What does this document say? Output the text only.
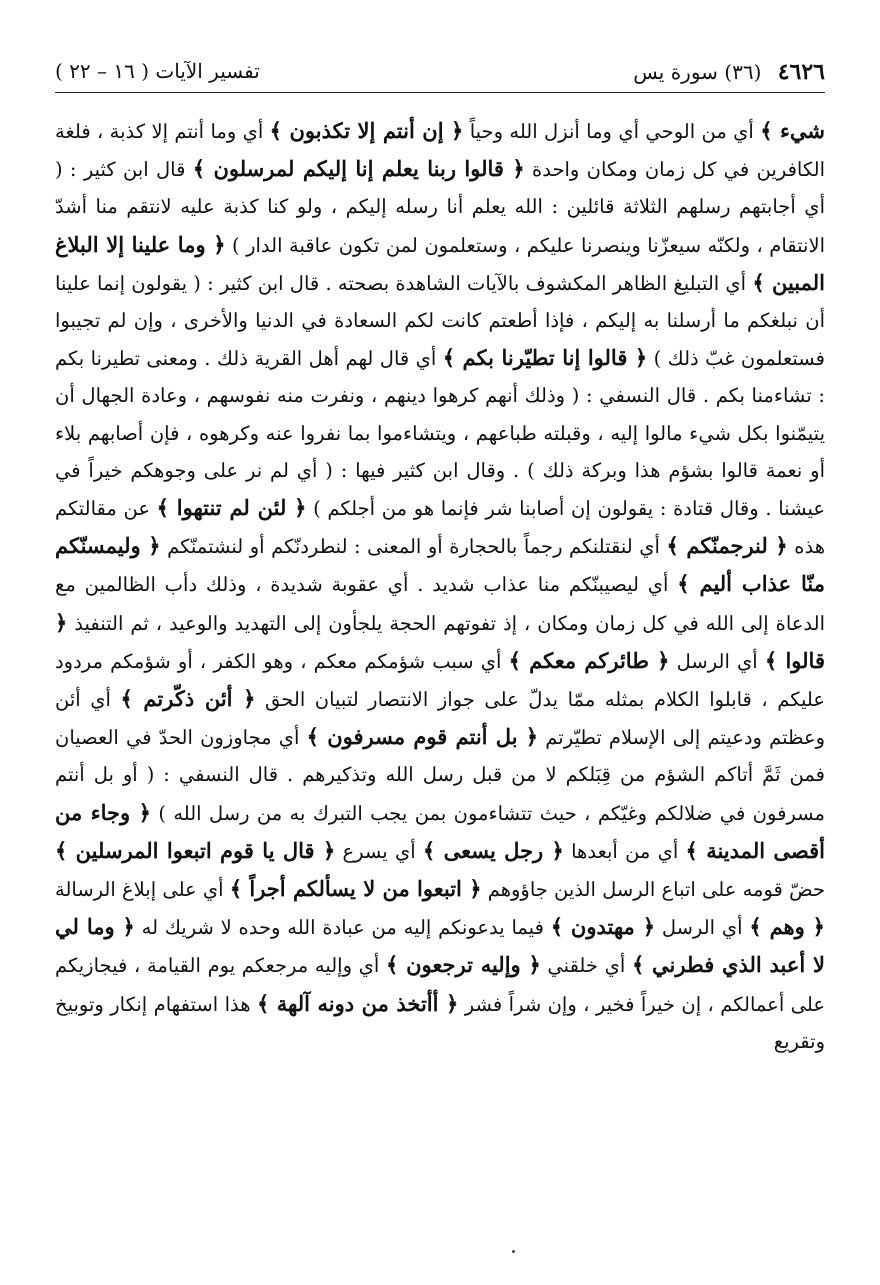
٤٦٢٦ (٣٦) سورة يس
تفسير الآيات ( ١٦ – ٢٢ )

شيء ﴾ أي من الوحي أي وما أنزل الله وحياً ﴿ إن أنتم إلا تكذبون ﴾ أي وما أنتم إلا كذبة ، فلغة الكافرين في كل زمان ومكان واحدة ﴿ قالوا ربنا يعلم إنا إليكم لمرسلون ﴾ قال ابن كثير : ( أي أجابتهم رسلهم الثلاثة قائلين : الله يعلم أنا رسله إليكم ، ولو كنا كذبة عليه لانتقم منا أشدّ الانتقام ، ولكنّه سيعزّنا وينصرنا عليكم ، وستعلمون لمن تكون عاقبة الدار ) ﴿ وما علينا إلا البلاغ المبين ﴾ أي التبليغ الظاهر المكشوف بالآيات الشاهدة بصحته . قال ابن كثير : ( يقولون إنما علينا أن نبلغكم ما أرسلنا به إليكم ، فإذا أطعتم كانت لكم السعادة في الدنيا والأخرى ، وإن لم تجيبوا فستعلمون غبّ ذلك ) ﴿ قالوا إنا تطيّرنا بكم ﴾ أي قال لهم أهل القرية ذلك . ومعنى تطيرنا بكم : تشاءمنا بكم . قال النسفي : ( وذلك أنهم كرهوا دينهم ، ونفرت منه نفوسهم ، وعادة الجهال أن يتيمّنوا بكل شيء مالوا إليه ، وقبلته طباعهم ، ويتشاءموا بما نفروا عنه وكرهوه ، فإن أصابهم بلاء أو نعمة قالوا بشؤم هذا وبركة ذلك ) . وقال ابن كثير فيها : ( أي لم نر على وجوهكم خيراً في عيشنا . وقال قتادة : يقولون إن أصابنا شر فإنما هو من أجلكم ) ﴿ لئن لم تنتهوا ﴾ عن مقالتكم هذه ﴿ لنرجمنّكم ﴾ أي لنقتلنكم رجماً بالحجارة أو المعنى : لنطردنّكم أو لنشتمنّكم ﴿ وليمسنّكم منّا عذاب أليم ﴾ أي ليصيبنّكم منا عذاب شديد . أي عقوبة شديدة ، وذلك دأب الظالمين مع الدعاة إلى الله في كل زمان ومكان ، إذ تفوتهم الحجة يلجأون إلى التهديد والوعيد ، ثم التنفيذ ﴿ قالوا ﴾ أي الرسل ﴿ طائركم معكم ﴾ أي سبب شؤمكم معكم ، وهو الكفر ، أو شؤمكم مردود عليكم ، قابلوا الكلام بمثله ممّا يدلّ على جواز الانتصار لتبيان الحق ﴿ أئن ذكّرتم ﴾ أي أئن وعظتم ودعيتم إلى الإسلام تطيّرتم ﴿ بل أنتم قوم مسرفون ﴾ أي مجاوزون الحدّ في العصيان فمن ثَمَّ أتاكم الشؤم من قِبَلكم لا من قبل رسل الله وتذكيرهم . قال النسفي : ( أو بل أنتم مسرفون في ضلالكم وغيّكم ، حيث تتشاءمون بمن يجب التبرك به من رسل الله ) ﴿ وجاء من أقصى المدينة ﴾ أي من أبعدها ﴿ رجل يسعى ﴾ أي يسرع ﴿ قال يا قوم اتبعوا المرسلين ﴾ حضّ قومه على اتباع الرسل الذين جاؤوهم ﴿ اتبعوا من لا يسألكم أجراً ﴾ أي على إبلاغ الرسالة ﴿ وهم ﴾ أي الرسل ﴿ مهتدون ﴾ فيما يدعونكم إليه من عبادة الله وحده لا شريك له ﴿ وما لي لا أعبد الذي فطرني ﴾ أي خلقني ﴿ وإليه ترجعون ﴾ أي وإليه مرجعكم يوم القيامة ، فيجازيكم على أعمالكم ، إن خيراً فخير ، وإن شراً فشر ﴿ أأتخذ من دونه آلهة ﴾ هذا استفهام إنكار وتوبيخ وتقريع
